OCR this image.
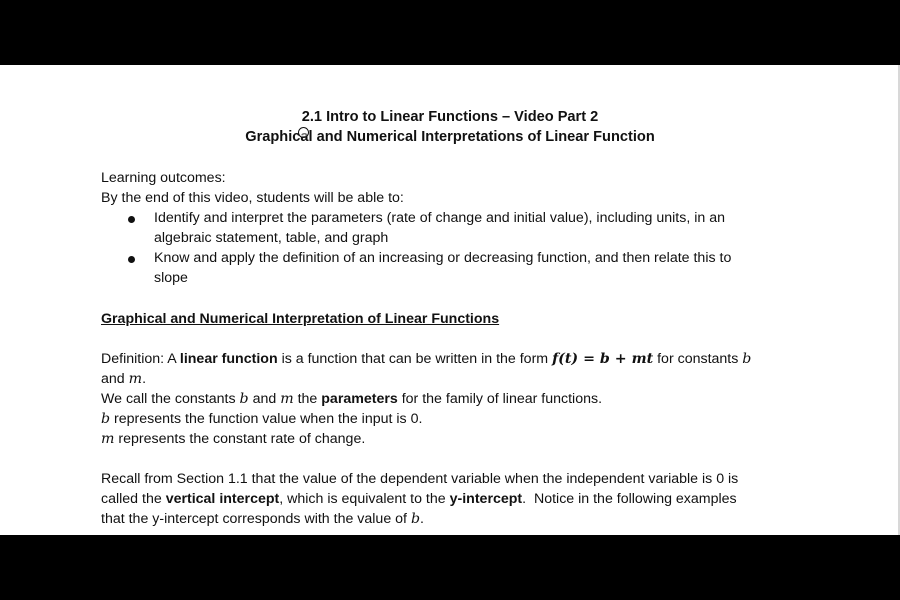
2.1 Intro to Linear Functions – Video Part 2
Graphical and Numerical Interpretations of Linear Function
Learning outcomes:
By the end of this video, students will be able to:
Identify and interpret the parameters (rate of change and initial value), including units, in an
algebraic statement, table, and graph
Know and apply the definition of an increasing or decreasing function, and then relate this to
slope
Graphical and Numerical Interpretation of Linear Functions
Definition: A linear function is a function that can be written in the form f(t) = b + mt for constants b
and m.
We call the constants b and m the parameters for the family of linear functions.
b represents the function value when the input is 0.
m represents the constant rate of change.
Recall from Section 1.1 that the value of the dependent variable when the independent variable is 0 is
called the vertical intercept, which is equivalent to the y-intercept.  Notice in the following examples
that the y-intercept corresponds with the value of b.
